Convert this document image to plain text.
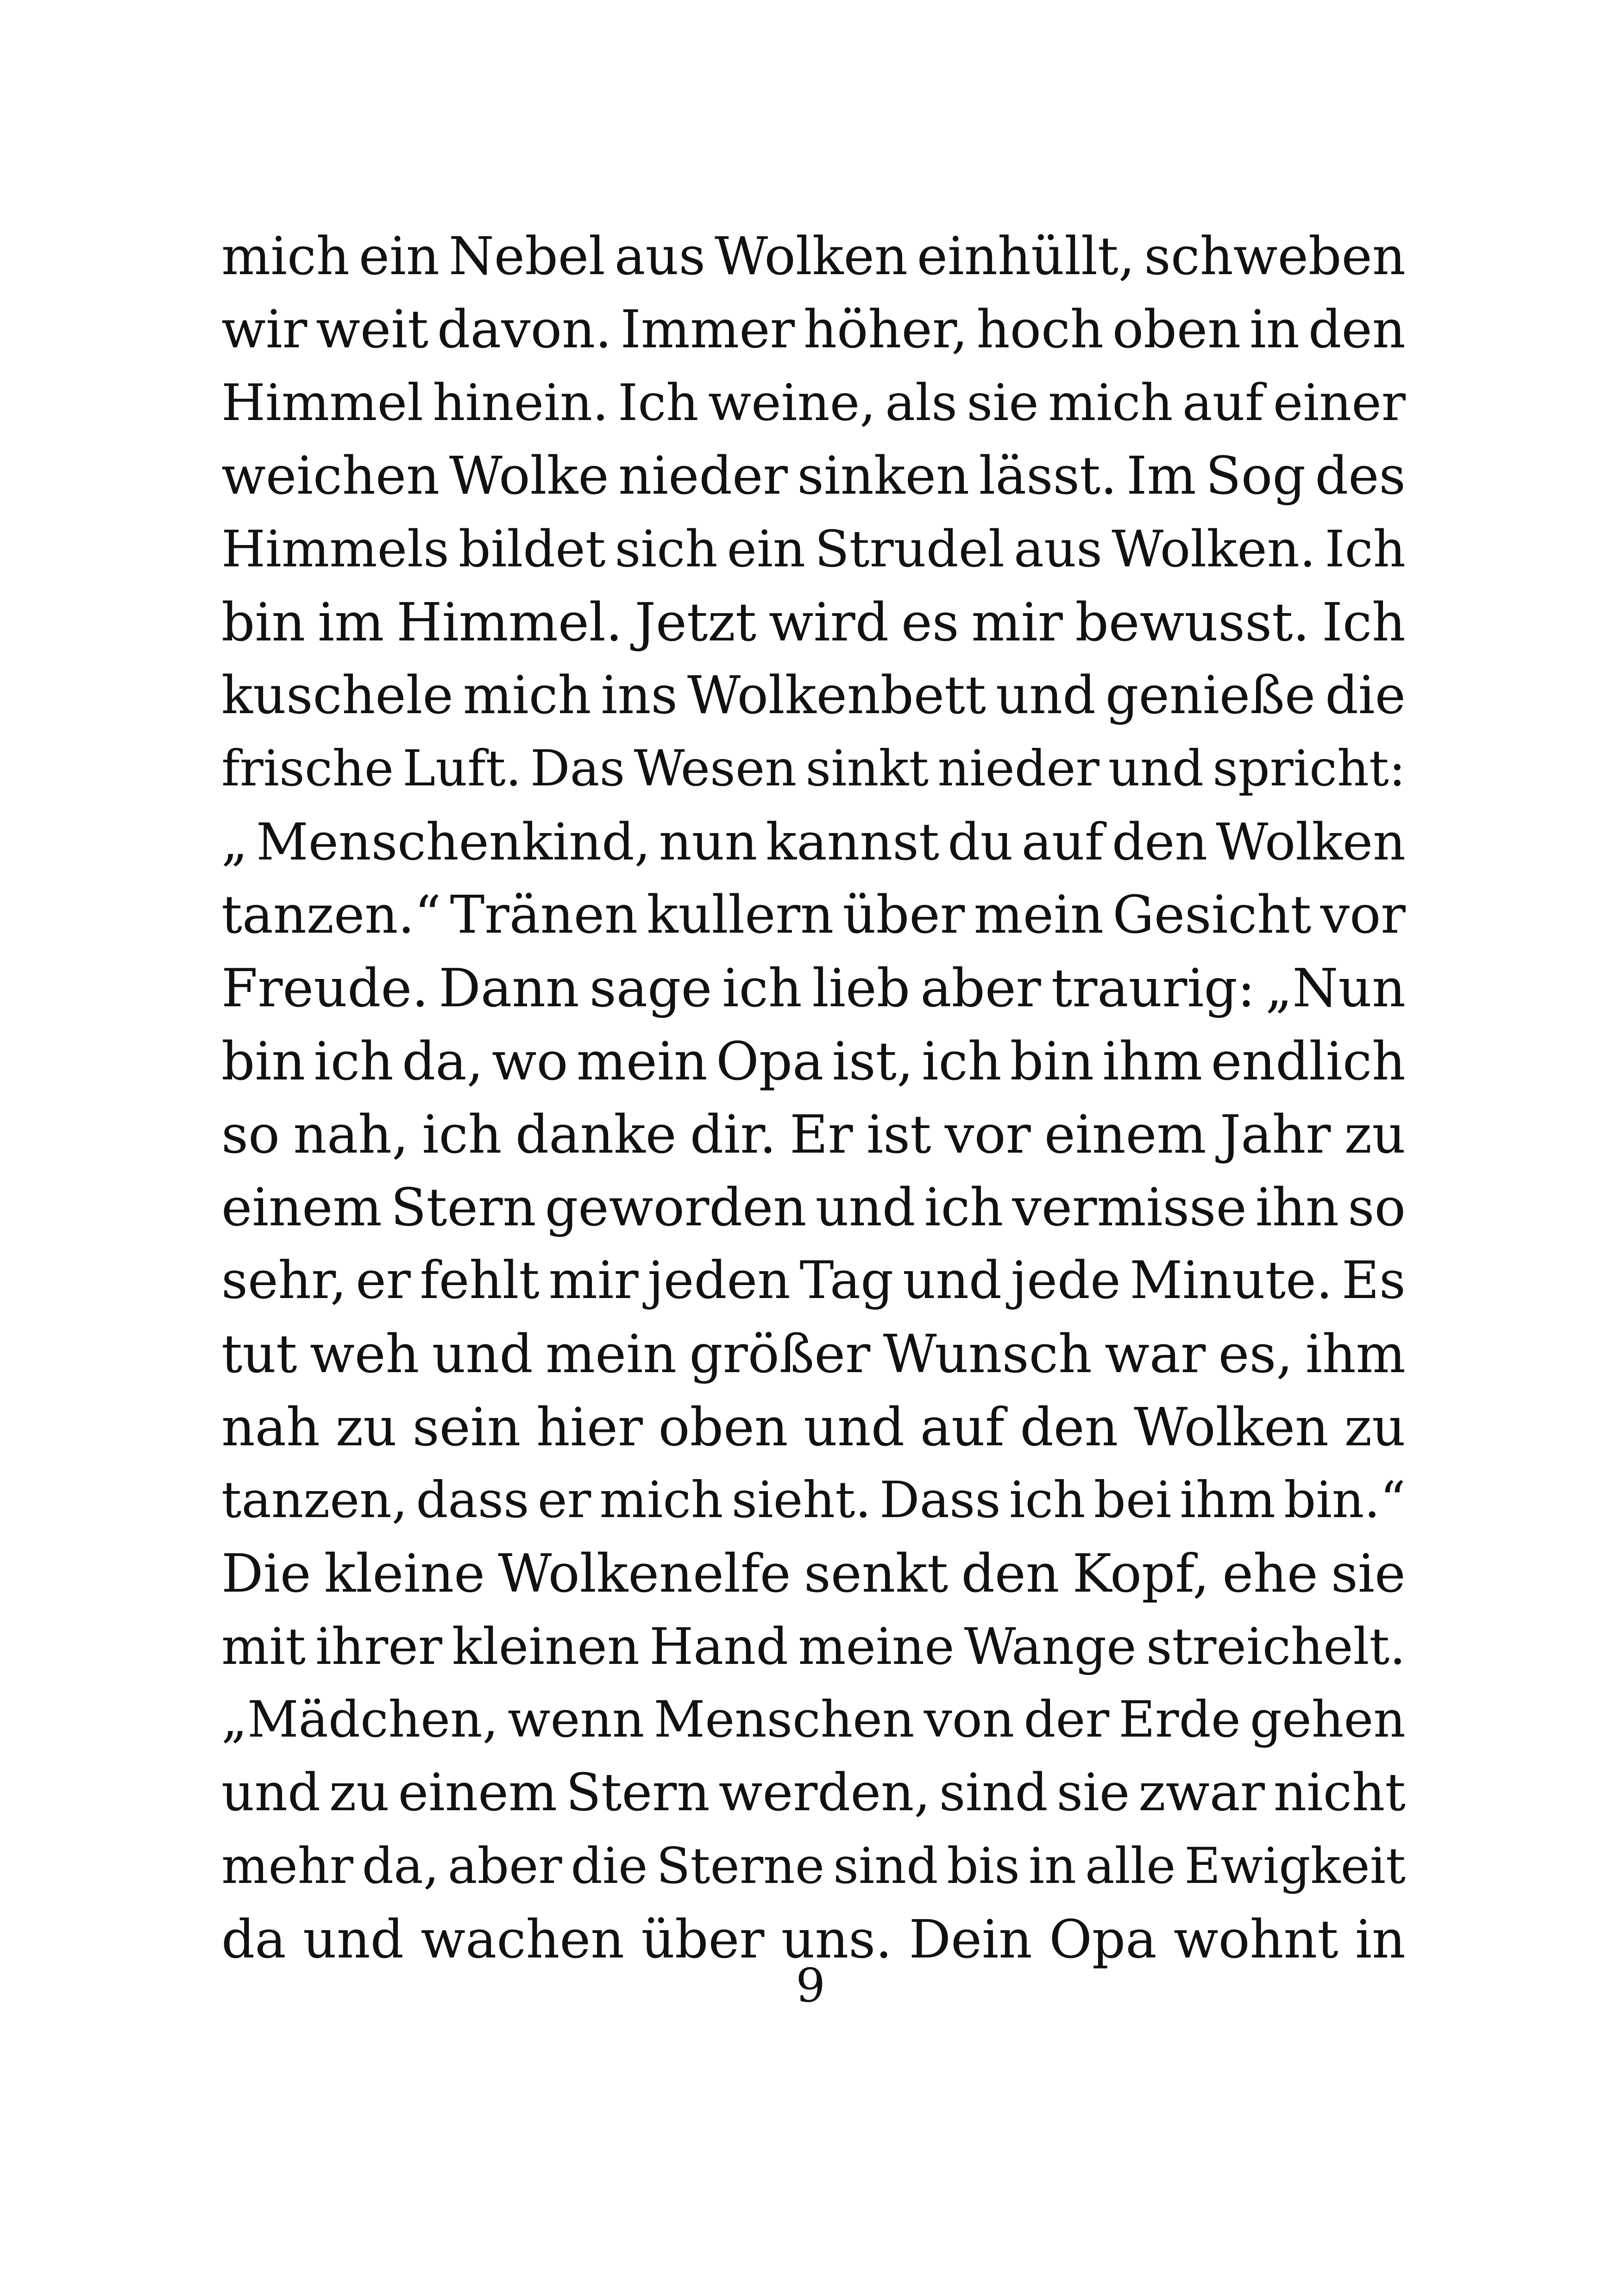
mich ein Nebel aus Wolken einhüllt, schweben
wir weit davon. Immer höher, hoch oben in den
Himmel hinein. Ich weine, als sie mich auf einer
weichen Wolke nieder sinken lässt. Im Sog des
Himmels bildet sich ein Strudel aus Wolken. Ich
bin im Himmel. Jetzt wird es mir bewusst. Ich
kuschele mich ins Wolkenbett und genieße die
frische Luft. Das Wesen sinkt nieder und spricht:
„ Menschenkind, nun kannst du auf den Wolken
tanzen.“ Tränen kullern über mein Gesicht vor
Freude. Dann sage ich lieb aber traurig: „Nun
bin ich da, wo mein Opa ist, ich bin ihm endlich
so nah, ich danke dir. Er ist vor einem Jahr zu
einem Stern geworden und ich vermisse ihn so
sehr, er fehlt mir jeden Tag und jede Minute. Es
tut weh und mein größer Wunsch war es, ihm
nah zu sein hier oben und auf den Wolken zu
tanzen, dass er mich sieht. Dass ich bei ihm bin.“
Die kleine Wolkenelfe senkt den Kopf, ehe sie
mit ihrer kleinen Hand meine Wange streichelt.
„Mädchen, wenn Menschen von der Erde gehen
und zu einem Stern werden, sind sie zwar nicht
mehr da, aber die Sterne sind bis in alle Ewigkeit
da und wachen über uns. Dein Opa wohnt in
9
